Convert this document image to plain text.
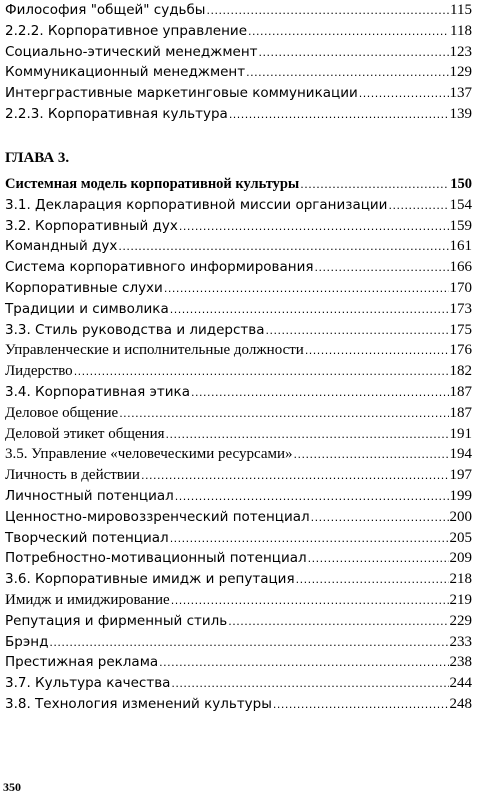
Философия "общей" судьбы .....	115
2.2.2. Корпоративное управление .....	118
Социально-этический менеджмент .....	123
Коммуникационный менеджмент .....	129
Интерграстивные маркетинговые коммуникации .....	137
2.2.3. Корпоративная культура .....	139
ГЛАВА 3.
Системная модель корпоративной культуры .....	150
3.1. Декларация корпоративной миссии организации .....	154
3.2. Корпоративный дух .....	159
Командный дух .....	161
Система корпоративного информирования .....	166
Корпоративные слухи .....	170
Традиции и символика .....	173
3.3. Стиль руководства и лидерства .....	175
Управленческие и исполнительные должности .....	176
Лидерство .....	182
3.4. Корпоративная этика .....	187
Деловое общение .....	187
Деловой этикет общения .....	191
3.5. Управление «человеческими ресурсами» .....	194
Личность в действии .....	197
Личностный потенциал .....	199
Ценностно-мировоззренческий потенциал .....	200
Творческий потенциал .....	205
Потребностно-мотивационный потенциал .....	209
3.6. Корпоративные имидж и репутация .....	218
Имидж и имиджирование .....	219
Репутация и фирменный стиль .....	229
Брэнд .....	233
Престижная реклама .....	238
3.7. Культура качества .....	244
3.8. Технология изменений культуры .....	248
350
